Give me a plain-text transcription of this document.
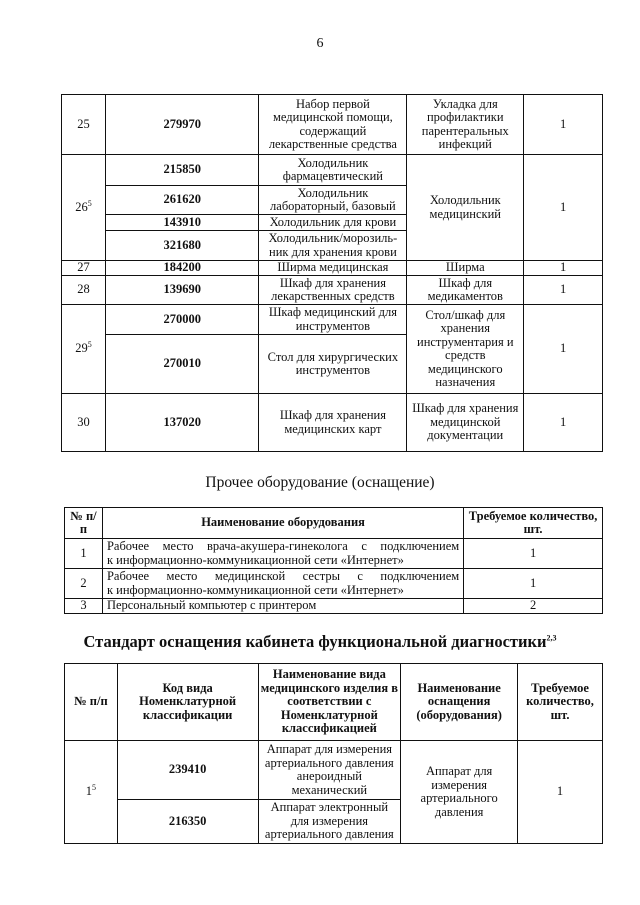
6
25	279970	Набор первой медицинской помощи, содержащий лекарственные средства	Укладка для профилактики парентеральных инфекций	1
$26^5$	215850	Холодильник фармацевтический	Холодильник медицинский	1
	261620	Холодильник лабораторный, базовый		
	143910	Холодильник для крови		
	321680	Холодильник/морозиль-ник для хранения крови		
27	184200	Ширма медицинская	Ширма	1
28	139690	Шкаф для хранения лекарственных средств	Шкаф для медикаментов	1
$29^5$	270000	Шкаф медицинский для инструментов	Стол/шкаф для хранения инструментария и средств медицинского назначения	1
	270010	Стол для хирургических инструментов		
30	137020	Шкаф для хранения медицинских карт	Шкаф для хранения медицинской документации	1
Прочее оборудование (оснащение)
№ п/п	Наименование оборудования	Требуемое количество, шт.
1	Рабочее место врача-акушера-гинеколога с подключением
к информационно-коммуникационной сети «Интернет»	1
2	Рабочее место медицинской сестры с подключением
к информационно-коммуникационной сети «Интернет»	1
3	Персональный компьютер с принтером	2
Стандарт оснащения кабинета функциональной диагностики$^{2,3}$
№ п/п	Код вида Номенклатурной классификации	Наименование вида медицинского изделия в соответствии с Номенклатурной классификацией	Наименование оснащения (оборудования)	Требуемое количество, шт.
$1^5$	239410	Аппарат для измерения артериального давления анероидный механический	Аппарат для измерения артериального давления	1
	216350	Аппарат электронный для измерения артериального давления		
